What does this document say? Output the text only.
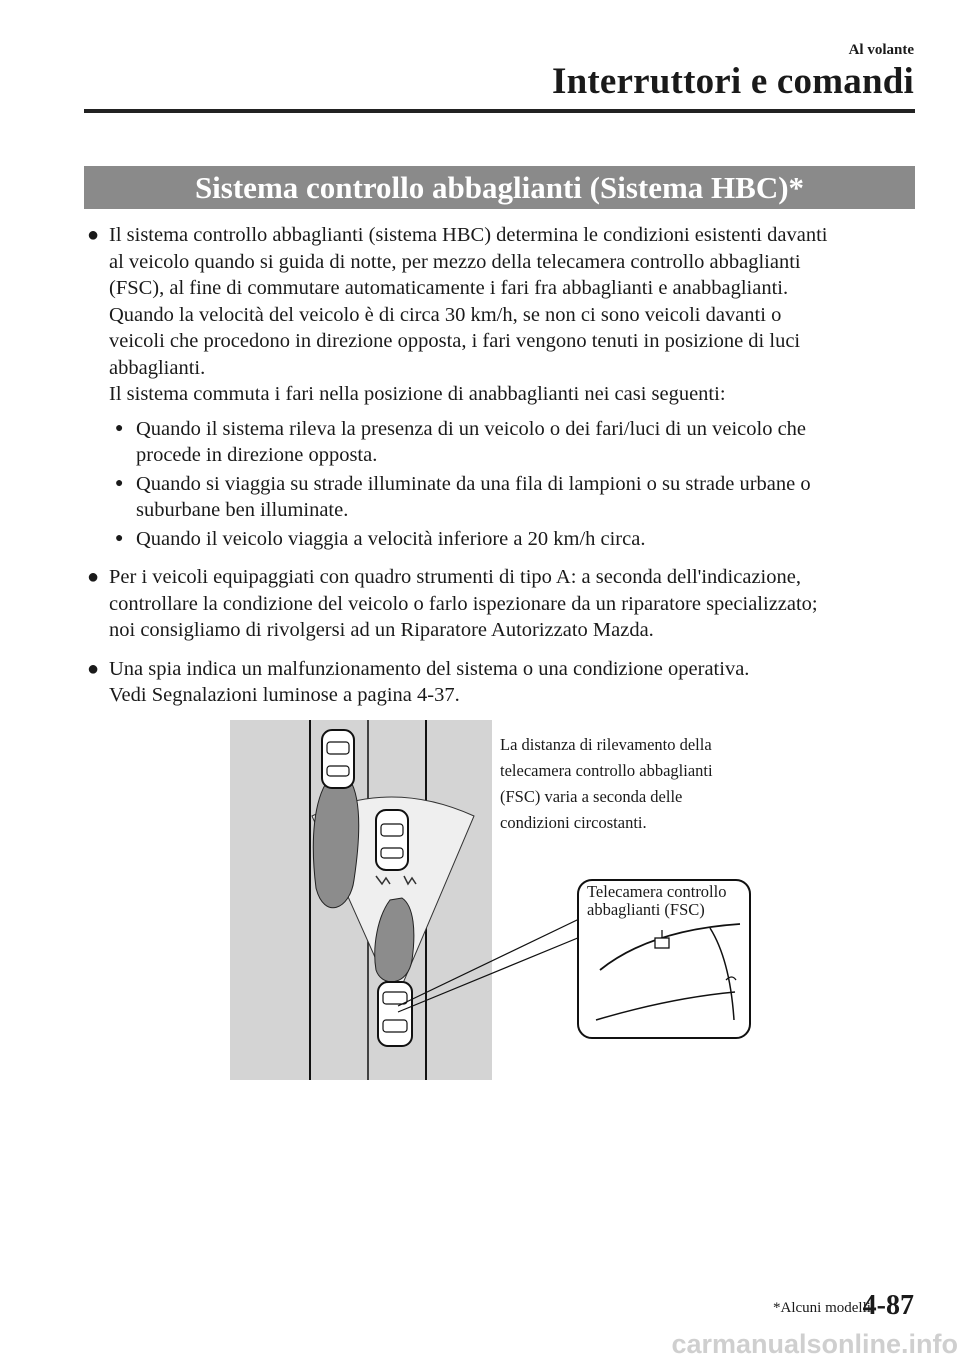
Al volante
Interruttori e comandi
Sistema controllo abbaglianti (Sistema HBC)*
● Il sistema controllo abbaglianti (sistema HBC) determina le condizioni esistenti davanti
al veicolo quando si guida di notte, per mezzo della telecamera controllo abbaglianti
(FSC), al fine di commutare automaticamente i fari fra abbaglianti e anabbaglianti.
Quando la velocità del veicolo è di circa 30 km/h, se non ci sono veicoli davanti o
veicoli che procedono in direzione opposta, i fari vengono tenuti in posizione di luci
abbaglianti.
Il sistema commuta i fari nella posizione di anabbaglianti nei casi seguenti:

● Quando il sistema rileva la presenza di un veicolo o dei fari/luci di un veicolo che
procede in direzione opposta.
● Quando si viaggia su strade illuminate da una fila di lampioni o su strade urbane o
suburbane ben illuminate.
● Quando il veicolo viaggia a velocità inferiore a 20 km/h circa.
● Per i veicoli equipaggiati con quadro strumenti di tipo A: a seconda dell'indicazione,
controllare la condizione del veicolo o farlo ispezionare da un riparatore specializzato;
noi consigliamo di rivolgersi ad un Riparatore Autorizzato Mazda.

● Una spia indica un malfunzionamento del sistema o una condizione operativa.
Vedi Segnalazioni luminose a pagina 4-37.

La distanza di rilevamento della
telecamera controllo abbaglianti
(FSC) varia a seconda delle
condizioni circostanti.
Telecamera controllo
abbaglianti (FSC)
*Alcuni modelli.
4-87
carmanualsonline.info
